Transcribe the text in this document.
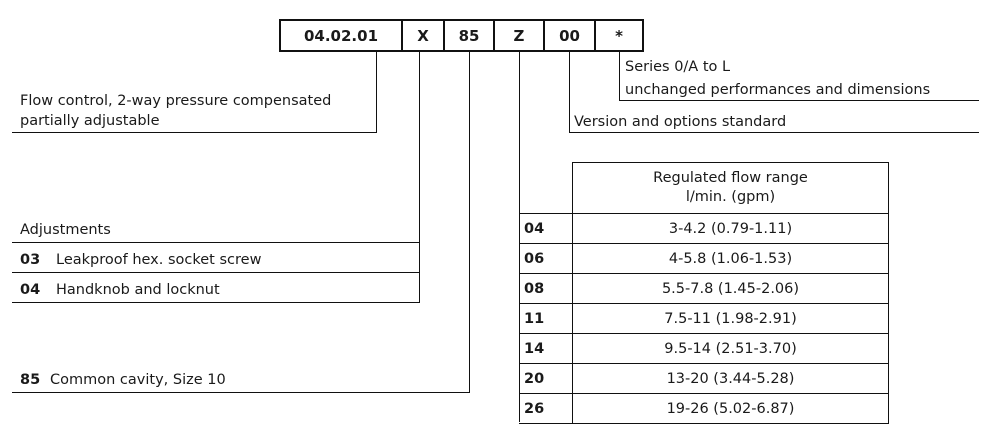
04.02.01	X	85	Z	00	*
Series 0/A to L
unchanged performances and dimensions
Version and options standard
Flow control, 2-way pressure compensated
partially adjustable
Adjustments
03 Leakproof hex. socket screw
04 Handknob and locknut
85 Common cavity, Size 10

	Regulated flow range
l/min. (gpm)

04	3-4.2 (0.79-1.11)
06	4-5.8 (1.06-1.53)
08	5.5-7.8 (1.45-2.06)
11	7.5-11 (1.98-2.91)
14	9.5-14 (2.51-3.70)
20	13-20 (3.44-5.28)
26	19-26 (5.02-6.87)
